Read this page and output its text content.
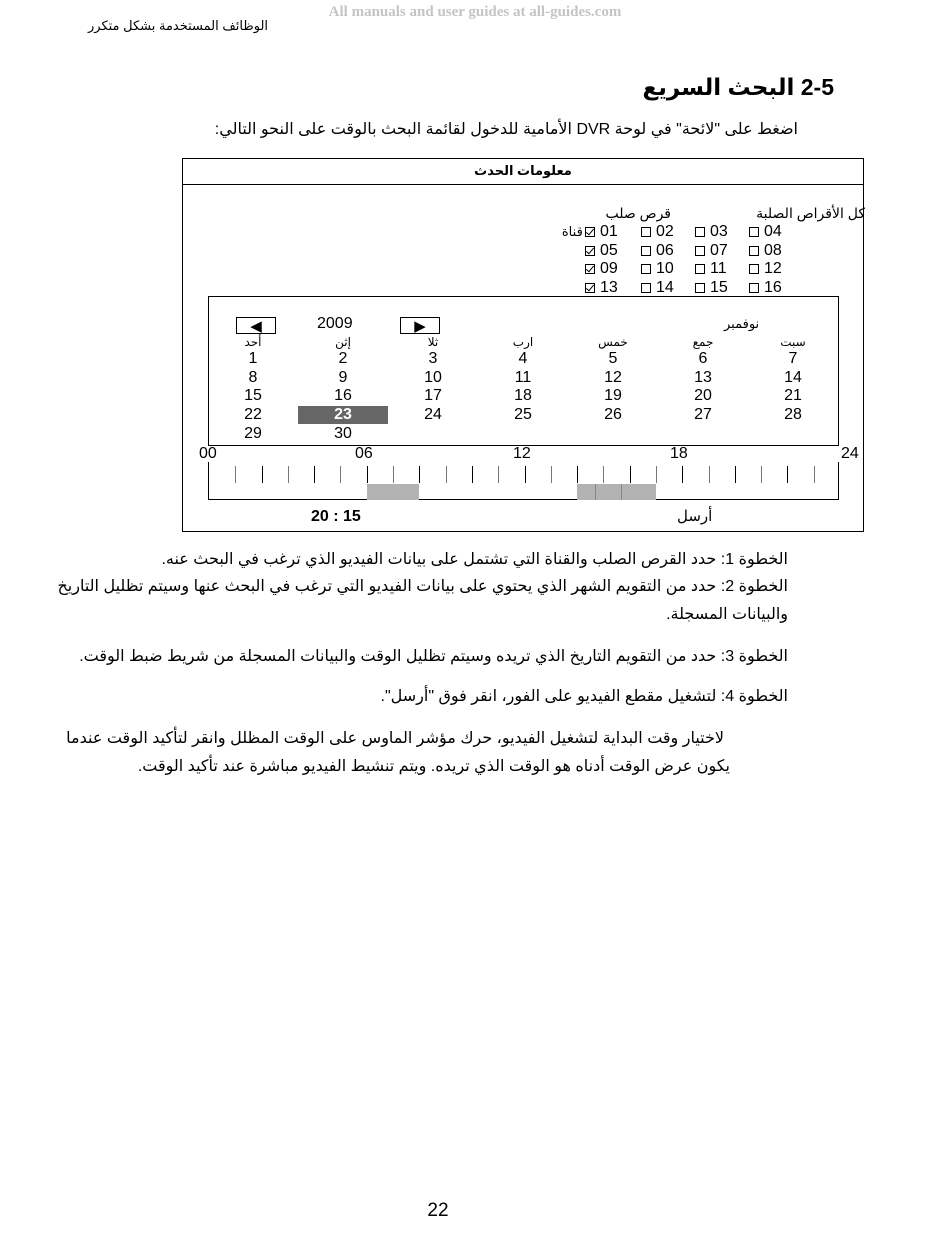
All manuals and user guides at all-guides.com
الوظائف المستخدمة بشكل متكرر
2-5 البحث السريع
اضغط على "لائحة" في لوحة DVR الأمامية للدخول لقائمة البحث بالوقت على النحو التالي:
معلومات الحدث
كل الأقراص الصلبة
قرص صلب
قناة 01 02 03 04
05 06 07 08
09 10 11 12
13 14 15 16
◀	2009	▶	نوفمبر
أحد	إثن	ثلا	ارب	خمس	جمع	سبت
1	2	3	4	5	6	7
8	9	10	11	12	13	14
15	16	17	18	19	20	21
22	23	24	25	26	27	28
29	30
00	06	12	18	24
20 : 15	أرسل
الخطوة 1: حدد القرص الصلب والقناة التي تشتمل على بيانات الفيديو الذي ترغب في البحث عنه.
الخطوة 2: حدد من التقويم الشهر الذي يحتوي على بيانات الفيديو التي ترغب في البحث عنها وسيتم تظليل التاريخ
والبيانات المسجلة.
الخطوة 3: حدد من التقويم التاريخ الذي تريده وسيتم تظليل الوقت والبيانات المسجلة من شريط ضبط الوقت.
الخطوة 4: لتشغيل مقطع الفيديو على الفور، انقر فوق "أرسل".
لاختيار وقت البداية لتشغيل الفيديو، حرك مؤشر الماوس على الوقت المظلل وانقر لتأكيد الوقت عندما
يكون عرض الوقت أدناه هو الوقت الذي تريده. ويتم تنشيط الفيديو مباشرة عند تأكيد الوقت.
22
